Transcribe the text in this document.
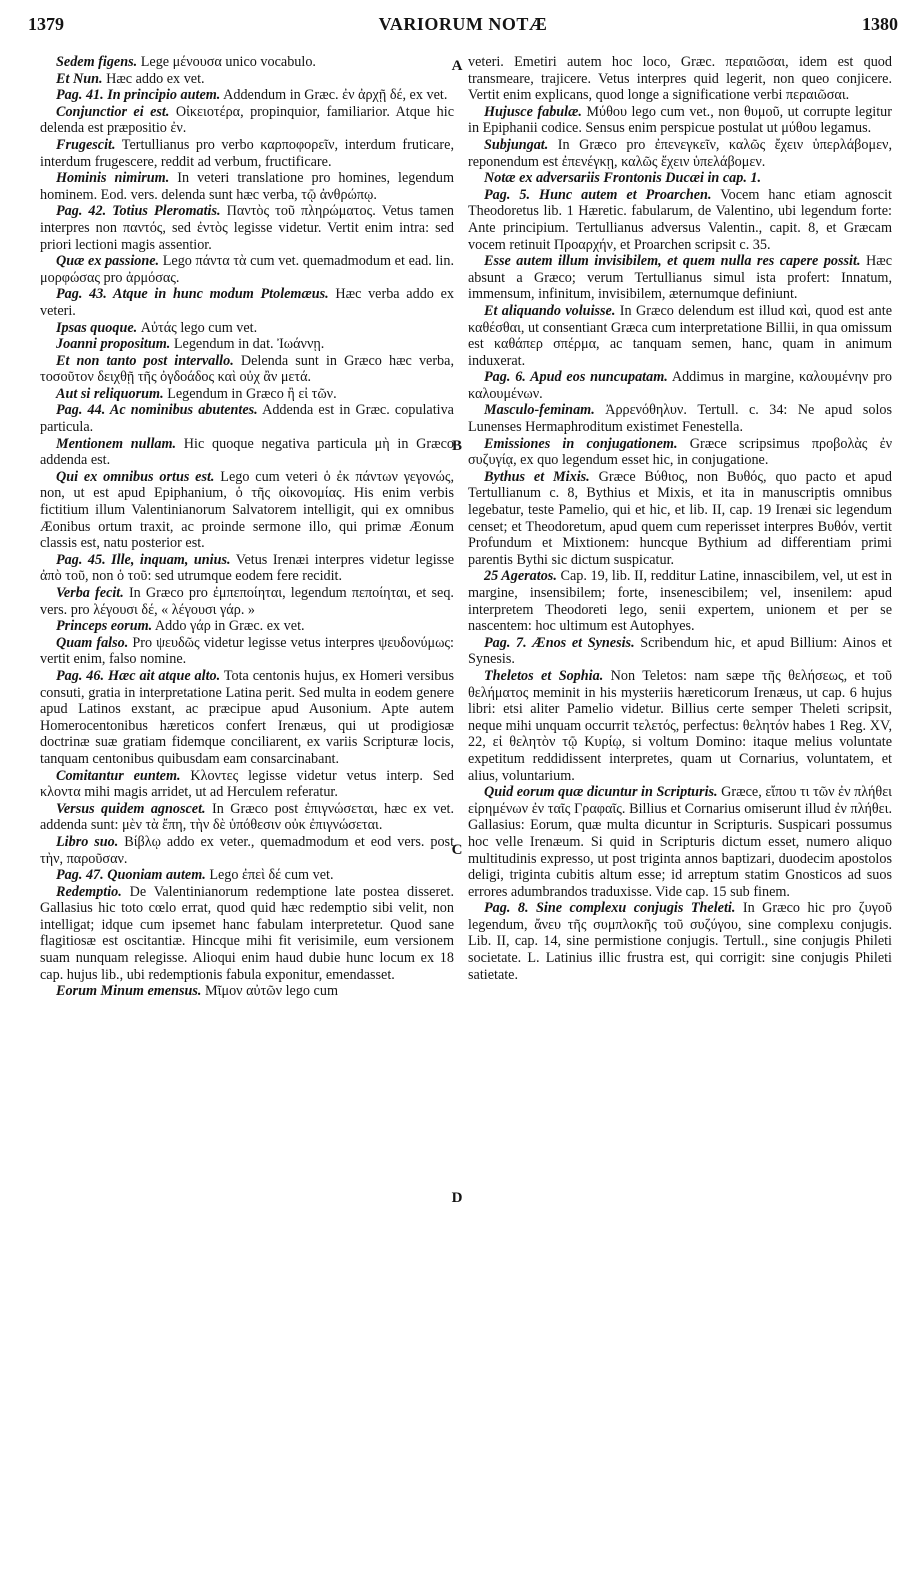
1379	VARIORUM NOTÆ	1380

Sedem figens. Lege μένουσα unico vocabulo.

Et Nun. Hæc addo ex vet.

Pag. 41. In principio autem. Addendum in Græc. ἐν ἀρχῇ δέ, ex vet.

Conjunctior ei est. Οἰκειοτέρα, propinquior, familiarior. Atque hic delenda est præpositio ἐν.

Frugescit. Tertullianus pro verbo καρποφορεῖν, interdum fruticare, interdum frugescere, reddit ad verbum, fructificare.

Hominis nimirum. In veteri translatione pro homines, legendum hominem. Eod. vers. delenda sunt hæc verba, τῷ ἀνθρώπῳ.

Pag. 42. Totius Pleromatis. Παντὸς τοῦ πληρώματος. Vetus tamen interpres non παντός, sed ἐντὸς legisse videtur. Vertit enim intra: sed priori lectioni magis assentior.

Quæ ex passione. Lego πάντα τὰ cum vet. quemadmodum et ead. lin. μορφώσας pro ἀρμόσας.

Pag. 43. Atque in hunc modum Ptolemæus. Hæc verba addo ex veteri.

Ipsas quoque. Αὐτάς lego cum vet.

Joanni propositum. Legendum in dat. Ἰωάννῃ.

Et non tanto post intervallo. Delenda sunt in Græco hæc verba, τοσοῦτον δειχθῇ τῆς ὀγδοάδος καὶ οὐχ ἂν μετά.

Aut si reliquorum. Legendum in Græco ἢ εἰ τῶν.

Pag. 44. Ac nominibus abutentes. Addenda est in Græc. copulativa particula.

Mentionem nullam. Hic quoque negativa particula μὴ in Græco addenda est.

Qui ex omnibus ortus est. Lego cum veteri ὁ ἐκ πάντων γεγονώς, non, ut est apud Epiphanium, ὁ τῆς οἰκονομίας. His enim verbis fictitium illum Valentinianorum Salvatorem intelligit, qui ex omnibus Æonibus ortum traxit, ac proinde sermone illo, qui primæ Æonum classis est, natu posterior est.

Pag. 45. Ille, inquam, unius. Vetus Irenæi interpres videtur legisse ἀπὸ τοῦ, non ὁ τοῦ: sed utrumque eodem fere recidit.

Verba fecit. In Græco pro ἐμπεποίηται, legendum πεποίηται, et seq. vers. pro λέγουσι δέ, « λέγουσι γάρ. »

Princeps eorum. Addo γάρ in Græc. ex vet.

Quam falso. Pro ψευδῶς videtur legisse vetus interpres ψευδονύμως: vertit enim, falso nomine.

Pag. 46. Hæc ait atque alto. Tota centonis hujus, ex Homeri versibus consuti, gratia in interpretatione Latina perit. Sed multa in eodem genere apud Latinos exstant, ac præcipue apud Ausonium. Apte autem Homerocentonibus hæreticos confert Irenæus, qui ut prodigiosæ doctrinæ suæ gratiam fidemque conciliarent, ex variis Scripturæ locis, tanquam centonibus quibusdam eam consarcinabant.

Comitantur euntem. Κλοντες legisse videtur vetus interp. Sed κλοντα mihi magis arridet, ut ad Herculem referatur.

Versus quidem agnoscet. In Græco post ἐπιγνώσεται, hæc ex vet. addenda sunt: μὲν τὰ ἔπη, τὴν δὲ ὑπόθεσιν οὐκ ἐπιγνώσεται.

Libro suo. Βίβλῳ addo ex veter., quemadmodum et eod vers. post τὴν, παροῦσαν.

Pag. 47. Quoniam autem. Lego ἐπεὶ δέ cum vet.

Redemptio. De Valentinianorum redemptione late postea disseret. Gallasius hic toto cœlo errat, quod quid hæc redemptio sibi velit, non intelligat; idque cum ipsemet hanc fabulam interpretetur. Quod sane flagitiosæ est oscitantiæ. Hincque mihi fit verisimile, eum versionem suam nunquam relegisse. Alioqui enim haud dubie hunc locum ex 18 cap. hujus lib., ubi redemptionis fabula exponitur, emendasset.

Eorum Minum emensus. Μῖμον αὐτῶν lego cum

veteri. Emetiri autem hoc loco, Græc. περαιῶσαι, idem est quod transmeare, trajicere. Vetus interpres quid legerit, non queo conjicere. Vertit enim explicans, quod longe a significatione verbi περαιῶσαι.

Hujusce fabulæ. Μύθου lego cum vet., non θυμοῦ, ut corrupte legitur in Epiphanii codice. Sensus enim perspicue postulat ut μύθου legamus.

Subjungat. In Græco pro ἐπενεγκεῖν, καλῶς ἔχειν ὑπερλάβομεν, reponendum est ἐπενέγκῃ, καλῶς ἔχειν ὑπελάβομεν.

Notæ ex adversariis Frontonis Ducæi in cap. 1.

Pag. 5. Hunc autem et Proarchen. Vocem hanc etiam agnoscit Theodoretus lib. 1 Hæretic. fabularum, de Valentino, ubi legendum forte: Ante principium. Tertullianus adversus Valentin., capit. 8, et Græcam vocem retinuit Προαρχήν, et Proarchen scripsit c. 35.

Esse autem illum invisibilem, et quem nulla res capere possit. Hæc absunt a Græco; verum Tertullianus simul ista profert: Innatum, immensum, infinitum, invisibilem, æternumque definiunt.

Et aliquando voluisse. In Græco delendum est illud καὶ, quod est ante καθέσθαι, ut consentiant Græca cum interpretatione Billii, in qua omissum est καθάπερ σπέρμα, ac tanquam semen, hanc, quam in animum induxerat.

Pag. 6. Apud eos nuncupatam. Addimus in margine, καλουμένην pro καλουμένων.

Masculo-feminam. Ἀρρενόθηλυν. Tertull. c. 34: Ne apud solos Lunenses Hermaphroditum existimet Fenestella.

Emissiones in conjugationem. Græce scripsimus προβολὰς ἐν συζυγίᾳ, ex quo legendum esset hic, in conjugatione.

Bythus et Mixis. Græce Βύθιος, non Βυθός, quo pacto et apud Tertullianum c. 8, Bythius et Mixis, et ita in manuscriptis omnibus legebatur, teste Pamelio, qui et hic, et lib. II, cap. 19 Irenæi sic legendum censet; et Theodoretum, apud quem cum reperisset interpres Βυθόν, vertit Profundum et Mixtionem: huncque Bythium ad differentiam primi parentis Bythi sic dictum suspicatur.

25 Ageratos. Cap. 19, lib. II, redditur Latine, innascibilem, vel, ut est in margine, insensibilem; forte, insenescibilem; vel, insenilem: apud interpretem Theodoreti lego, senii expertem, unionem et per se nascentem: hoc ultimum est Autophyes.

Pag. 7. Ænos et Synesis. Scribendum hic, et apud Billium: Ainos et Synesis.

Theletos et Sophia. Non Teletos: nam sæpe τῆς θελήσεως, et τοῦ θελήματος meminit in his mysteriis hæreticorum Irenæus, ut cap. 6 hujus libri: etsi aliter Pamelio videtur. Billius certe semper Theleti scripsit, neque mihi unquam occurrit τελετός, perfectus: θελητόν habes 1 Reg. XV, 22, εἰ θελητὸν τῷ Κυρίῳ, si voltum Domino: itaque melius voluntate expetitum reddidissent interpretes, quam ut Cornarius, voluntatem, et alius, voluntarium.

Quid eorum quæ dicuntur in Scripturis. Græce, εἴπου τι τῶν ἐν πλήθει εἰρημένων ἐν ταῖς Γραφαῖς. Billius et Cornarius omiserunt illud ἐν πλήθει. Gallasius: Eorum, quæ multa dicuntur in Scripturis. Suspicari possumus hoc velle Irenæum. Si quid in Scripturis dictum esset, numero aliquo multitudinis expresso, ut post triginta annos baptizari, duodecim apostolos deligi, triginta cubitis altum esse; id arreptum statim Gnosticos ad suos errores adumbrandos traduxisse. Vide cap. 15 sub finem.

Pag. 8. Sine complexu conjugis Theleti. In Græco hic pro ζυγοῦ legendum, ἄνευ τῆς συμπλοκῆς τοῦ συζύγου, sine complexu conjugis. Lib. II, cap. 14, sine permistione conjugis. Tertull., sine conjugis Phileti societate. L. Latinius illic frustra est, qui corrigit: sine conjugis Phileti satietate.

A
B
C
D
